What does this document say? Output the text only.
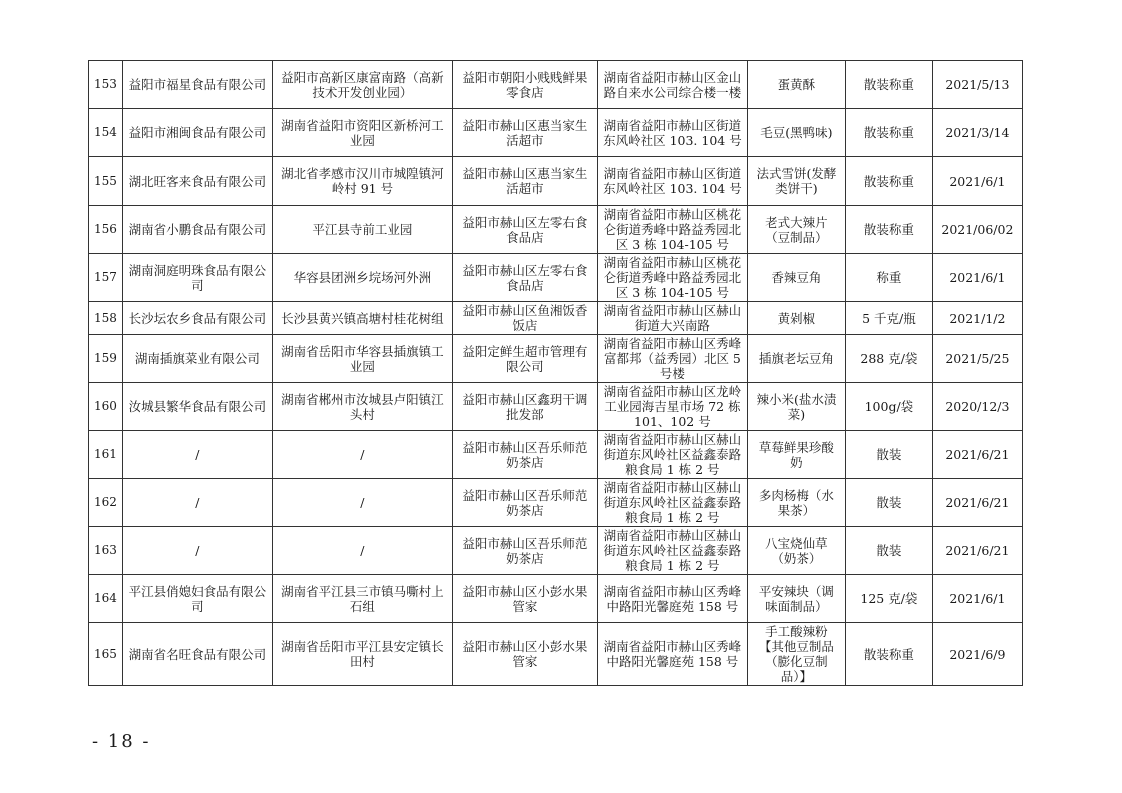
153	益阳市福星食品有限公司	益阳市高新区康富南路（高新技术开发创业园）	益阳市朝阳小贱贱鲜果零食店	湖南省益阳市赫山区金山路自来水公司综合楼一楼	蛋黄酥	散装称重	2021/5/13
154	益阳市湘闽食品有限公司	湖南省益阳市资阳区新桥河工业园	益阳市赫山区惠当家生活超市	湖南省益阳市赫山区街道东风岭社区 103. 104 号	毛豆(黑鸭味)	散装称重	2021/3/14
155	湖北旺客来食品有限公司	湖北省孝感市汉川市城隍镇河岭村 91 号	益阳市赫山区惠当家生活超市	湖南省益阳市赫山区街道东风岭社区 103. 104 号	法式雪饼(发酵类饼干)	散装称重	2021/6/1
156	湖南省小鹏食品有限公司	平江县寺前工业园	益阳市赫山区左零右食食品店	湖南省益阳市赫山区桃花仑街道秀峰中路益秀园北区 3 栋 104-105 号	老式大辣片（豆制品）	散装称重	2021/06/02
157	湖南洞庭明珠食品有限公司	华容县团洲乡垸场河外洲	益阳市赫山区左零右食食品店	湖南省益阳市赫山区桃花仑街道秀峰中路益秀园北区 3 栋 104-105 号	香辣豆角	称重	2021/6/1
158	长沙坛农乡食品有限公司	长沙县黄兴镇高塘村桂花树组	益阳市赫山区鱼湘饭香饭店	湖南省益阳市赫山区赫山街道大兴南路	黄剁椒	5 千克/瓶	2021/1/2
159	湖南插旗菜业有限公司	湖南省岳阳市华容县插旗镇工业园	益阳定鲜生超市管理有限公司	湖南省益阳市赫山区秀峰富都邦（益秀园）北区 5 号楼	插旗老坛豆角	288 克/袋	2021/5/25
160	汝城县繁华食品有限公司	湖南省郴州市汝城县卢阳镇江头村	益阳市赫山区鑫玥干调批发部	湖南省益阳市赫山区龙岭工业园海吉星市场 72 栋 101、102 号	辣小米(盐水渍菜)	100g/袋	2020/12/3
161	/	/	益阳市赫山区吾乐师范奶茶店	湖南省益阳市赫山区赫山街道东风岭社区益鑫泰路粮食局 1 栋 2 号	草莓鲜果珍酸奶	散装	2021/6/21
162	/	/	益阳市赫山区吾乐师范奶茶店	湖南省益阳市赫山区赫山街道东风岭社区益鑫泰路粮食局 1 栋 2 号	多肉杨梅（水果茶）	散装	2021/6/21
163	/	/	益阳市赫山区吾乐师范奶茶店	湖南省益阳市赫山区赫山街道东风岭社区益鑫泰路粮食局 1 栋 2 号	八宝烧仙草（奶茶）	散装	2021/6/21
164	平江县俏媳妇食品有限公司	湖南省平江县三市镇马嘶村上石组	益阳市赫山区小彭水果管家	湖南省益阳市赫山区秀峰中路阳光馨庭苑 158 号	平安辣块（调味面制品）	125 克/袋	2021/6/1
165	湖南省名旺食品有限公司	湖南省岳阳市平江县安定镇长田村	益阳市赫山区小彭水果管家	湖南省益阳市赫山区秀峰中路阳光馨庭苑 158 号	手工酸辣粉【其他豆制品（膨化豆制品）】	散装称重	2021/6/9
- 18 -
